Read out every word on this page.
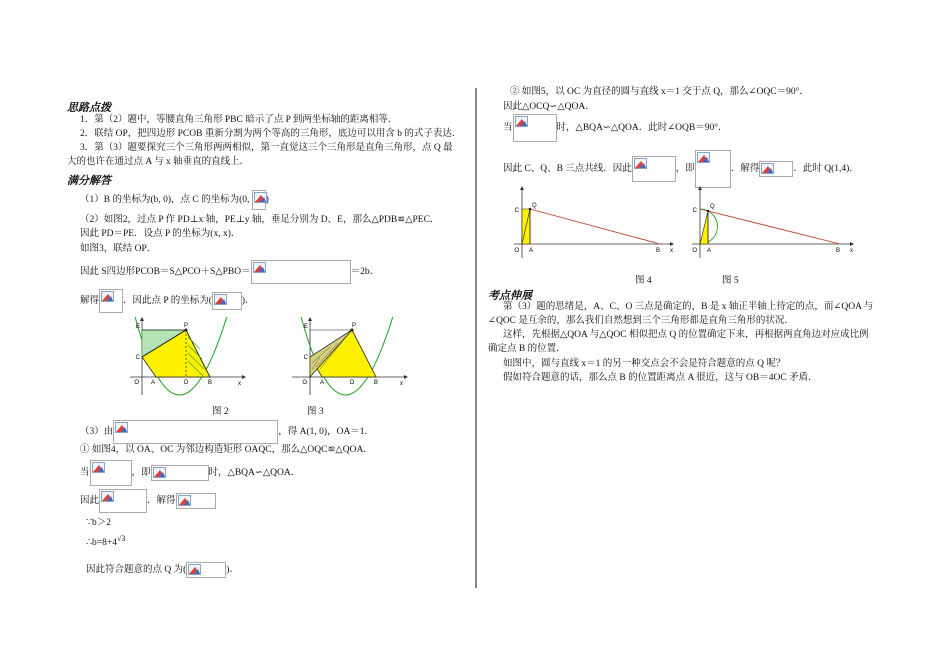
思路点拨
1．第（2）题中，等腰直角三角形 PBC 暗示了点 P 到两坐标轴的距离相等．
2．联结 OP，把四边形 PCOB 重新分割为两个等高的三角形，底边可以用含 b 的式子表达．
3．第（3）题要探究三个三角形两两相似，第一直觉这三个三角形是直角三角形，点 Q 最
大的也许在通过点 A 与 x 轴垂直的直线上．
满分解答
（1）B 的坐标为(b, 0)，点 C 的坐标为(0,
)
（2）如图2，过点 P 作 PD⊥x 轴，PE⊥y 轴，垂足分别为 D、E，那么△PDB≌△PEC．
因此 PD＝PE．设点 P 的坐标为(x, x)．
如图3，联结 OP．
因此 S四边形PCOB＝S△PCO＋S△PBO＝	＝2b．
解得	．因此点 P 的坐标为(	)．
E	P
C
O A	D	B	x
图 2
E	P
C
O A	D	B	x
图 3
（3）由	，得 A(1, 0)，OA＝1．
① 如图4，以 OA、OC 为邻边构造矩形 OAQC，那么△OQC≌△QOA．
当	，即	时，△BQA∽△QOA．
因此	．解得
∵b＞2
$\therefore b=8+4^{√3}$
因此符合题意的点 Q 为(	)．
② 如图5，以 OC 为直径的圆与直线 x＝1 交于点 Q，那么∠OQC＝90°．
因此△OCQ∽△QOA．
当	时，△BQA∽△QOA．此时∠OQB＝90°．
因此 C、Q、B 三点共线．因此	，即	．解得	．此时 Q(1,4)．
C
Q
O A	B x
图 4
C
Q
O A	B x
图 5
考点伸展
第（3）题的思绪是，A、C、O 三点是确定的，B 是 x 轴正半轴上待定的点，而∠QOA 与
∠QOC 是互余的，那么我们自然想到三个三角形都是直角三角形的状况．
这样，先根据△QOA 与△QOC 相似把点 Q 的位置确定下来，再根据两直角边对应成比例
确定点 B 的位置．
如图中，圆与直线 x＝1 的另一种交点会不会是符合题意的点 Q 呢？
假如符合题意的话，那么点 B 的位置距离点 A 很近，这与 OB＝4OC 矛盾．
